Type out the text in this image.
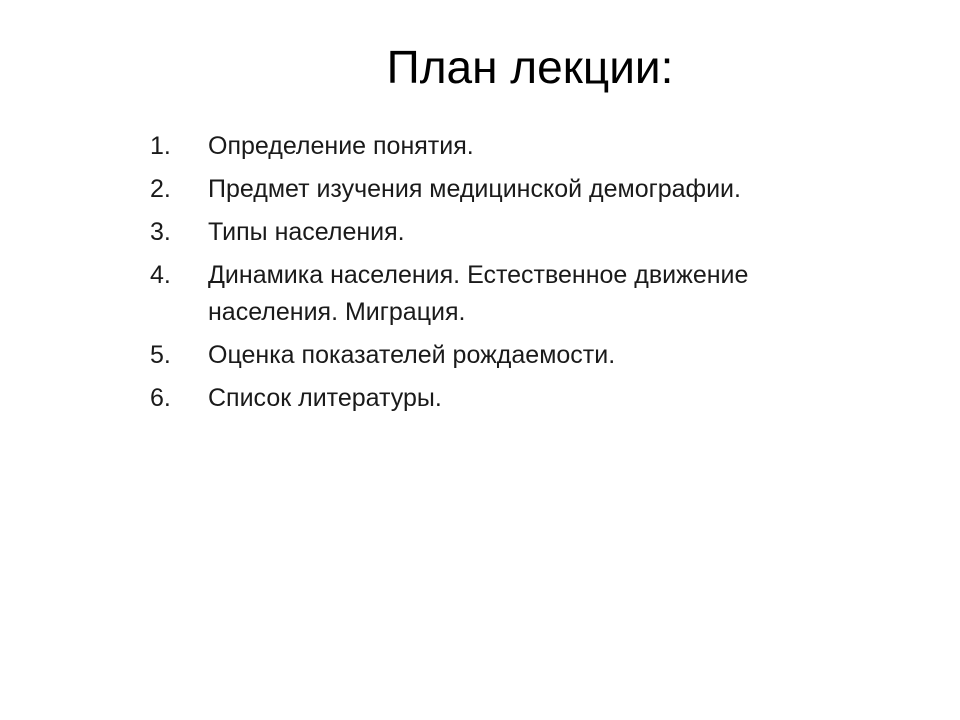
План лекции:
1.	Определение понятия.
2.	Предмет изучения медицинской демографии.
3.	Типы населения.
4.	Динамика населения. Естественное движение населения. Миграция.
5.	Оценка показателей рождаемости.
6.	Список литературы.
